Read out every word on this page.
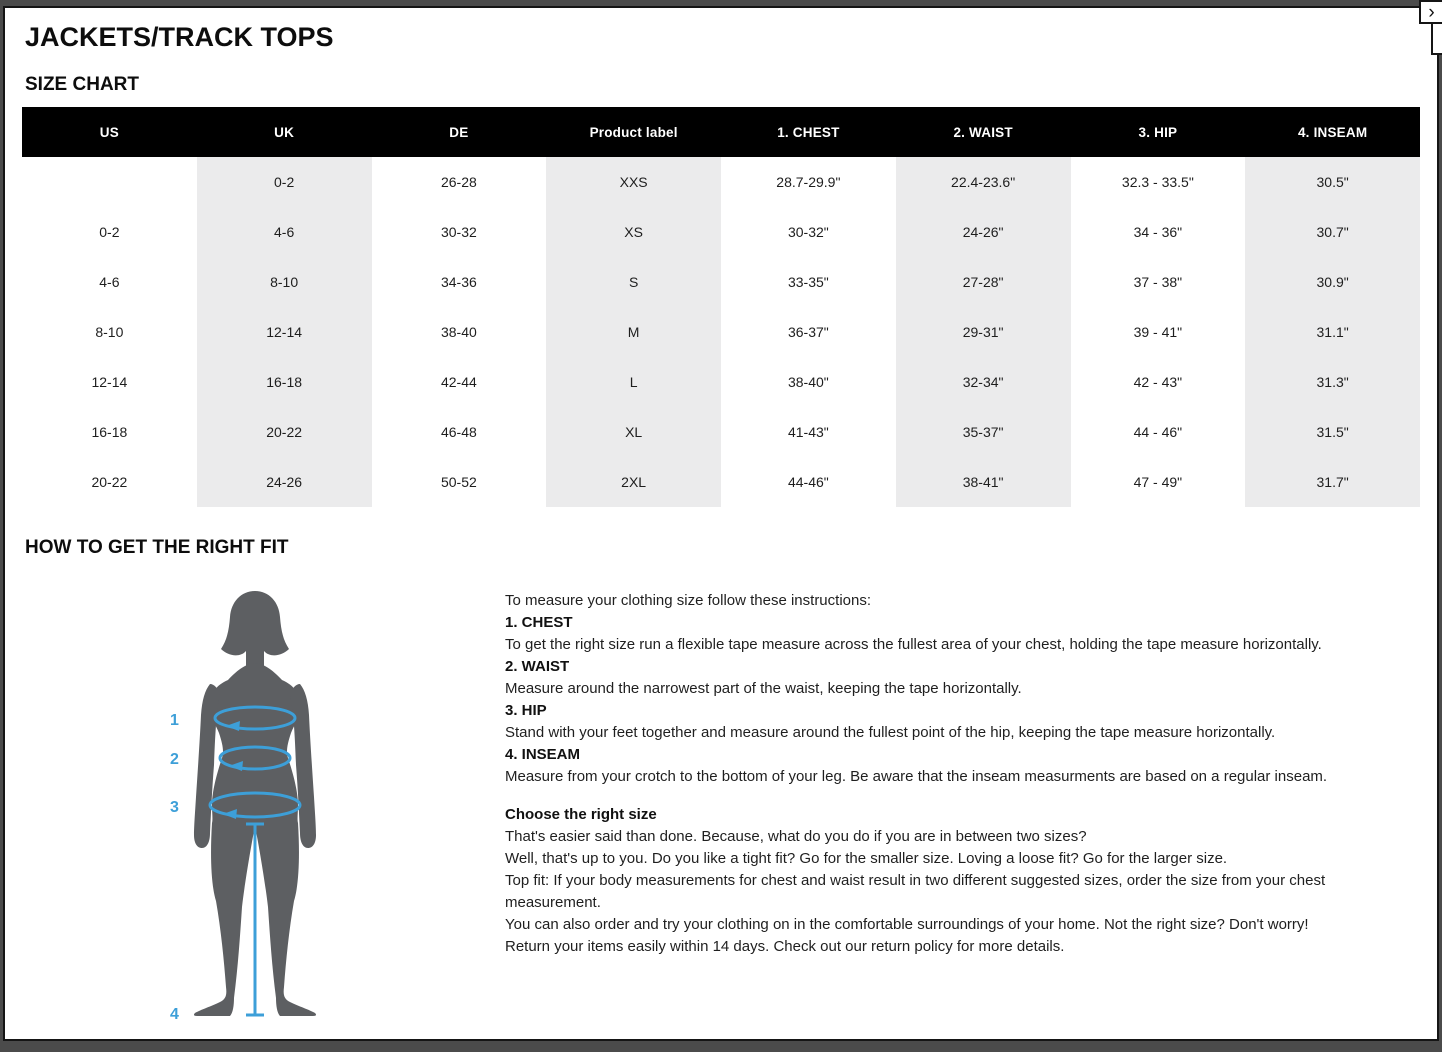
›
JACKETS/TRACK TOPS
SIZE CHART
US	UK	DE	Product label	1. CHEST	2. WAIST	3. HIP	4. INSEAM
	0-2	26-28	XXS	28.7-29.9"	22.4-23.6"	32.3 - 33.5"	30.5"
0-2	4-6	30-32	XS	30-32"	24-26"	34 - 36"	30.7"
4-6	8-10	34-36	S	33-35"	27-28"	37 - 38"	30.9"
8-10	12-14	38-40	M	36-37"	29-31"	39 - 41"	31.1"
12-14	16-18	42-44	L	38-40"	32-34"	42 - 43"	31.3"
16-18	20-22	46-48	XL	41-43"	35-37"	44 - 46"	31.5"
20-22	24-26	50-52	2XL	44-46"	38-41"	47 - 49"	31.7"
HOW TO GET THE RIGHT FIT
1
2
3
4
To measure your clothing size follow these instructions:
1. CHEST
To get the right size run a flexible tape measure across the fullest area of your chest, holding the tape measure horizontally.
2. WAIST
Measure around the narrowest part of the waist, keeping the tape horizontally.
3. HIP
Stand with your feet together and measure around the fullest point of the hip, keeping the tape measure horizontally.
4. INSEAM
Measure from your crotch to the bottom of your leg. Be aware that the inseam measurments are based on a regular inseam.
Choose the right size
That's easier said than done. Because, what do you do if you are in between two sizes?
Well, that's up to you. Do you like a tight fit? Go for the smaller size. Loving a loose fit? Go for the larger size.
Top fit: If your body measurements for chest and waist result in two different suggested sizes, order the size from your chest measurement.
You can also order and try your clothing on in the comfortable surroundings of your home. Not the right size? Don't worry!
Return your items easily within 14 days. Check out our return policy for more details.
